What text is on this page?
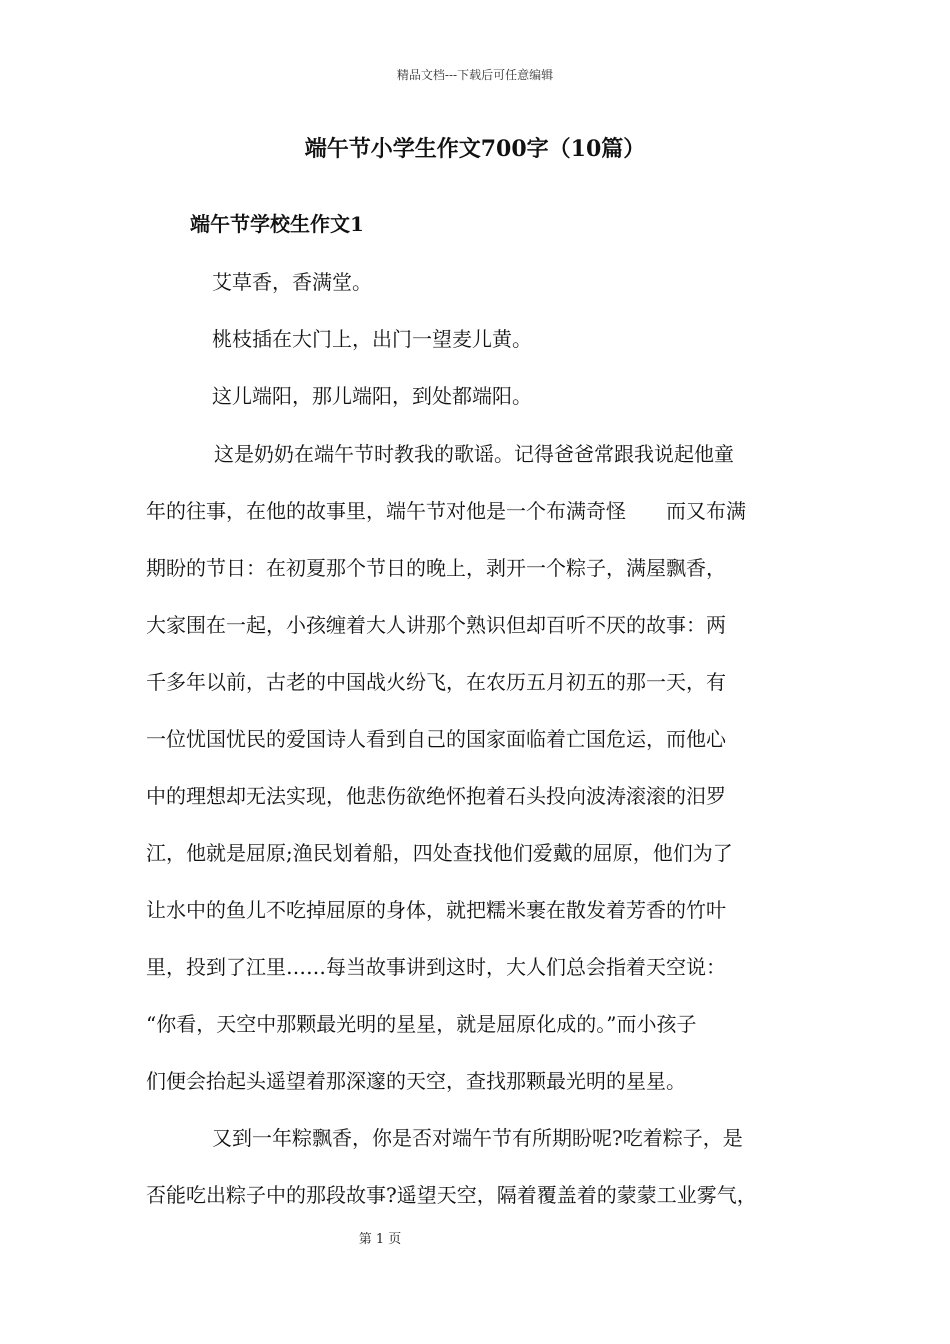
精品文档---下载后可任意编辑
端午节小学生作文700字（10篇）
端午节学校生作文1
艾草香，香满堂。
桃枝插在大门上，出门一望麦儿黄。
这儿端阳，那儿端阳，到处都端阳。
这是奶奶在端午节时教我的歌谣。记得爸爸常跟我说起他童
年的往事，在他的故事里，端午节对他是一个布满奇怪　　而又布满
期盼的节日：在初夏那个节日的晚上，剥开一个粽子，满屋飘香，
大家围在一起，小孩缠着大人讲那个熟识但却百听不厌的故事：两
千多年以前，古老的中国战火纷飞，在农历五月初五的那一天，有
一位忧国忧民的爱国诗人看到自己的国家面临着亡国危运，而他心
中的理想却无法实现，他悲伤欲绝怀抱着石头投向波涛滚滚的汨罗
江，他就是屈原;渔民划着船，四处查找他们爱戴的屈原，他们为了
让水中的鱼儿不吃掉屈原的身体，就把糯米裹在散发着芳香的竹叶
里，投到了江里……每当故事讲到这时，大人们总会指着天空说：
“你看，天空中那颗最光明的星星，就是屈原化成的。”而小孩子
们便会抬起头遥望着那深邃的天空，查找那颗最光明的星星。
又到一年粽飘香，你是否对端午节有所期盼呢?吃着粽子，是
否能吃出粽子中的那段故事?遥望天空，隔着覆盖着的蒙蒙工业雾气，
第 1 页
